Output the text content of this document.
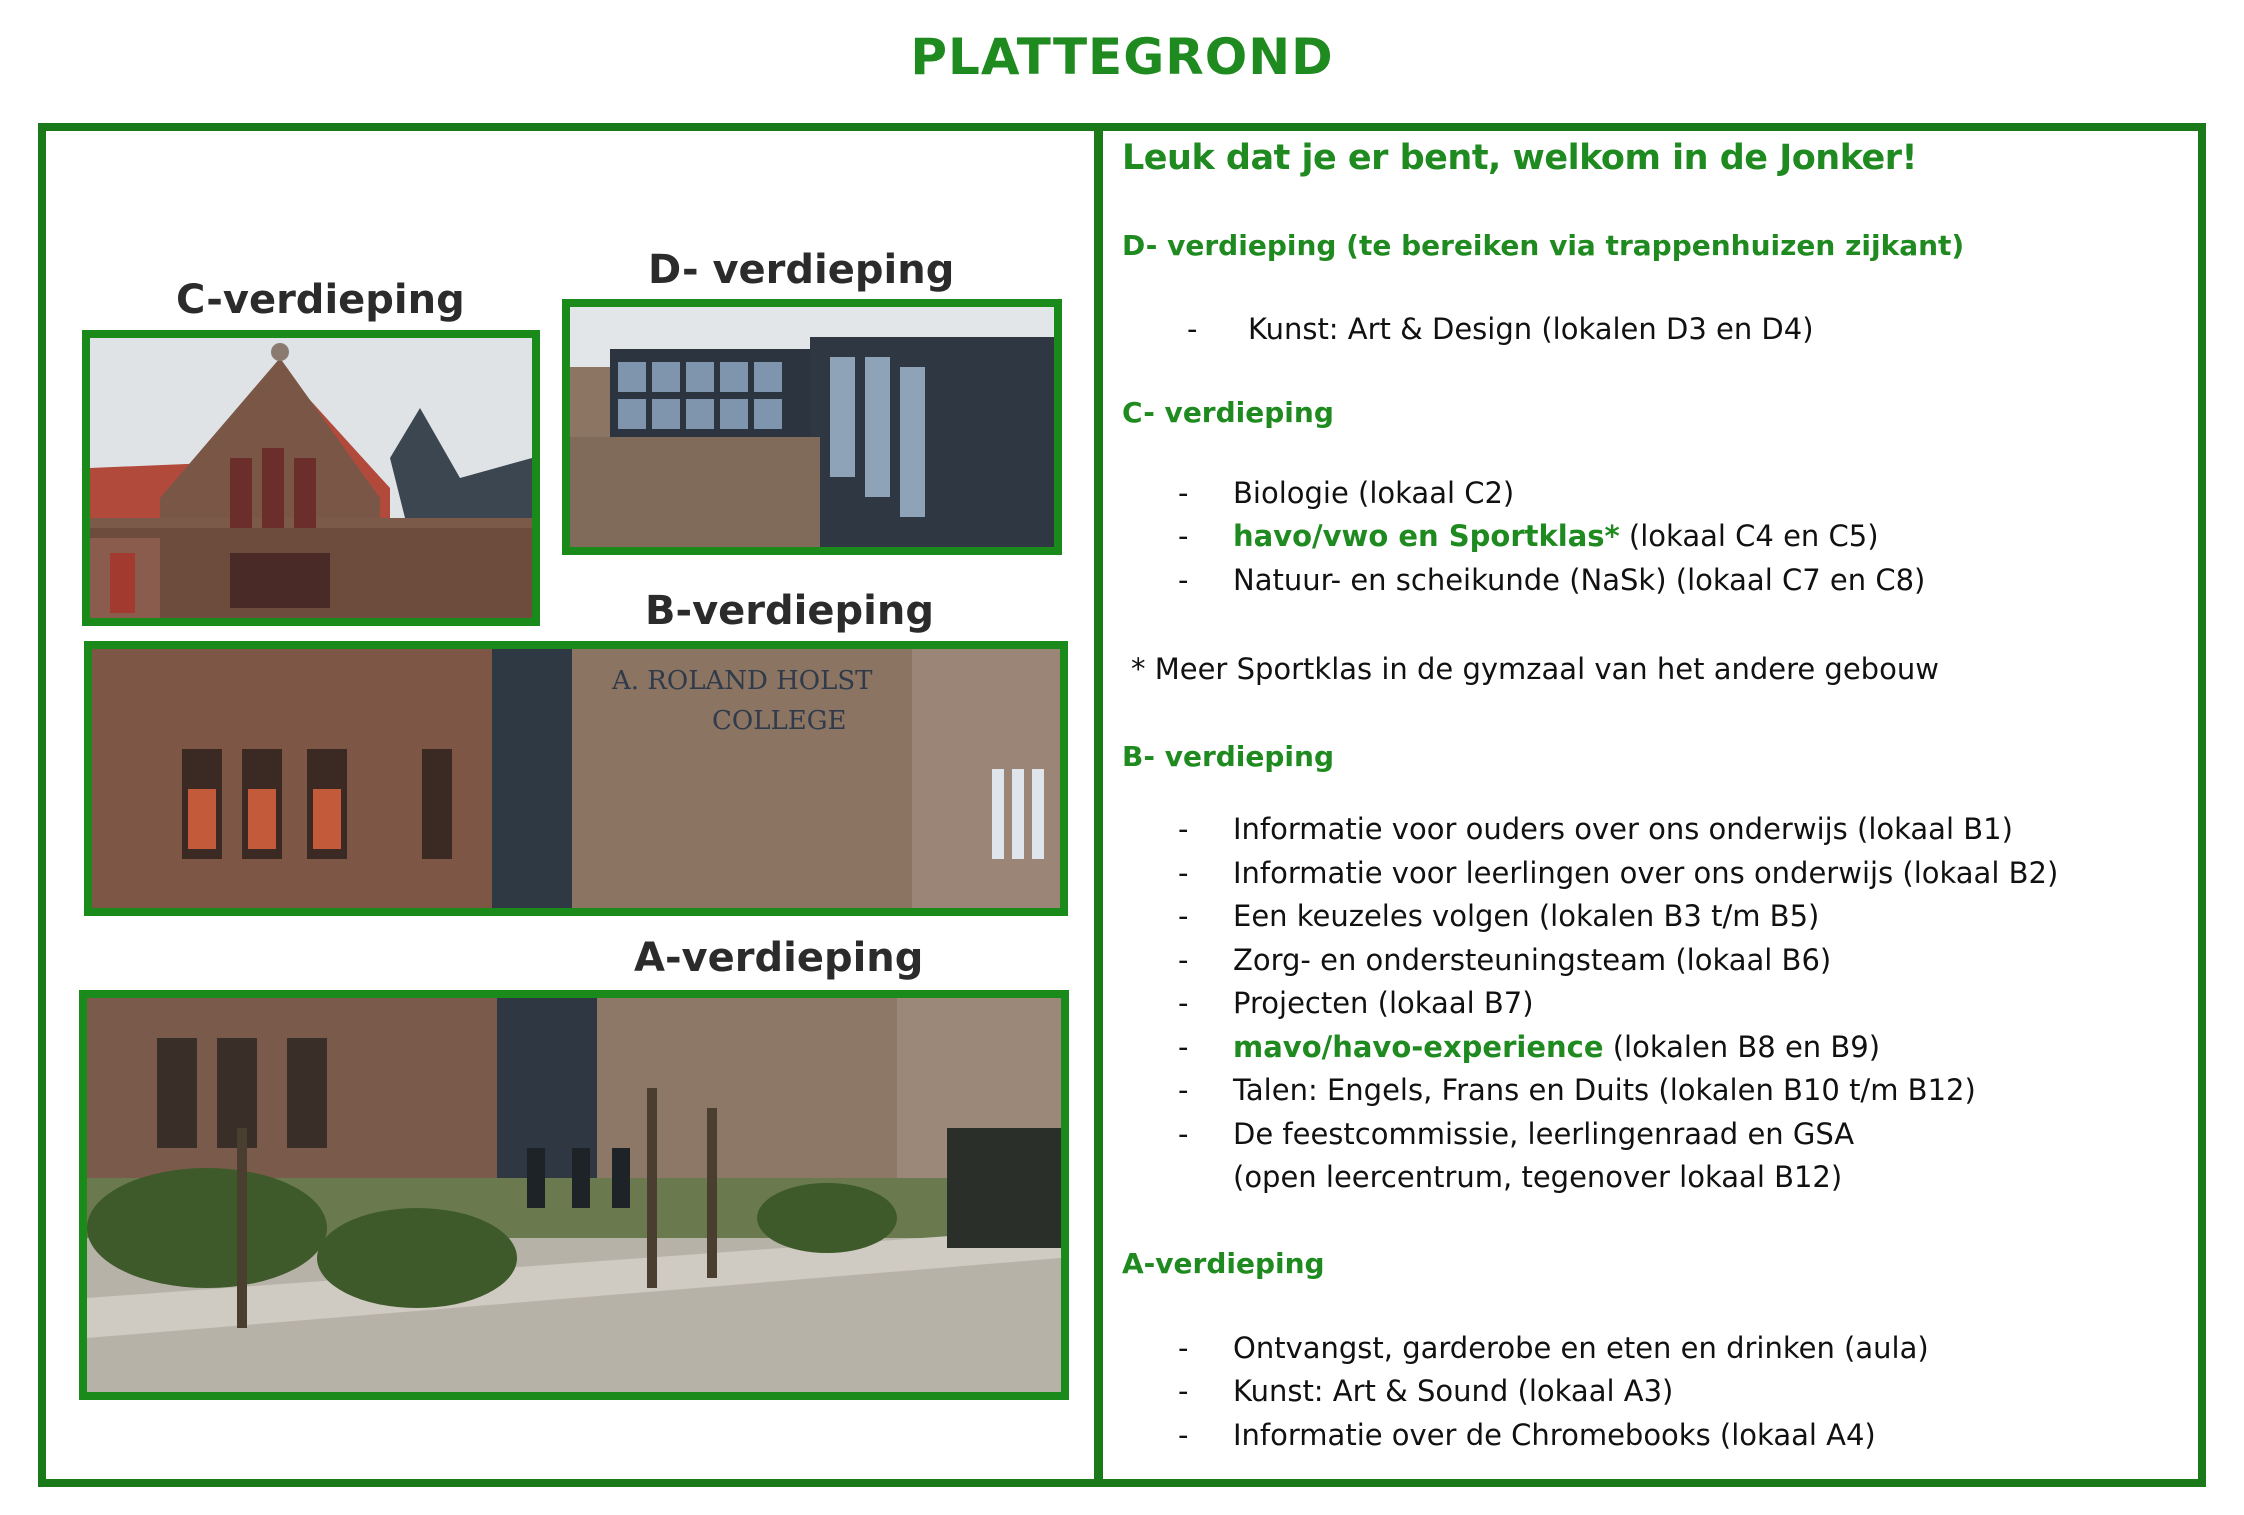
PLATTEGROND
C-verdieping
D- verdieping
B-verdieping
A. ROLAND HOLST
COLLEGE
A-verdieping
Leuk dat je er bent, welkom in de Jonker!
D- verdieping (te bereiken via trappenhuizen zijkant)
- Kunst: Art & Design (lokalen D3 en D4)
C- verdieping
- Biologie (lokaal C2)
- havo/vwo en Sportklas* (lokaal C4 en C5)
- Natuur- en scheikunde (NaSk) (lokaal C7 en C8)
* Meer Sportklas in de gymzaal van het andere gebouw
B- verdieping
- Informatie voor ouders over ons onderwijs (lokaal B1)
- Informatie voor leerlingen over ons onderwijs (lokaal B2)
- Een keuzeles volgen (lokalen B3 t/m B5)
- Zorg- en ondersteuningsteam (lokaal B6)
- Projecten (lokaal B7)
- mavo/havo-experience (lokalen B8 en B9)
- Talen: Engels, Frans en Duits (lokalen B10 t/m B12)
- De feestcommissie, leerlingenraad en GSA
(open leercentrum, tegenover lokaal B12)
A-verdieping
- Ontvangst, garderobe en eten en drinken (aula)
- Kunst: Art & Sound (lokaal A3)
- Informatie over de Chromebooks (lokaal A4)
